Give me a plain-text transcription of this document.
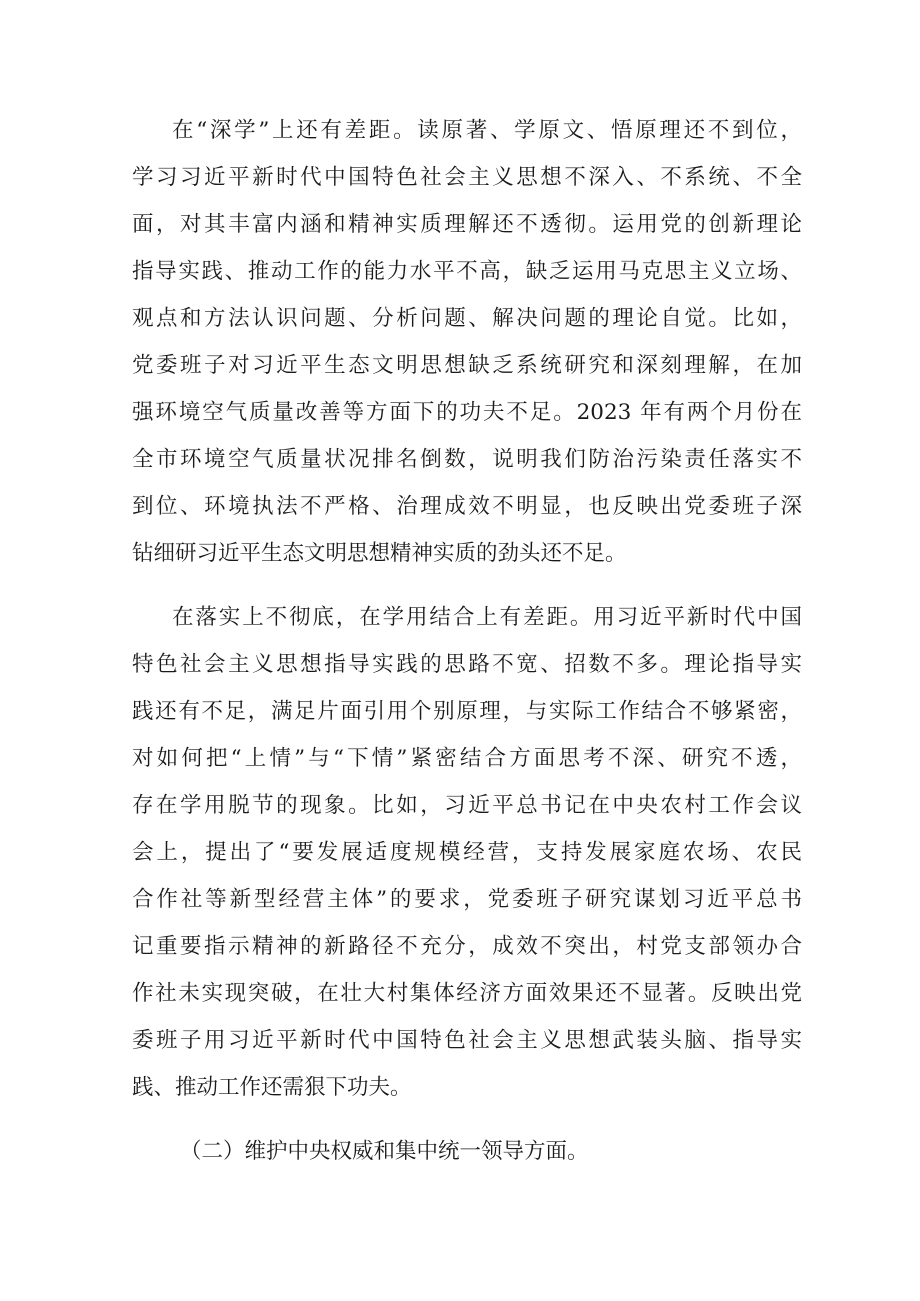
在“深学”上还有差距。读原著、学原文、悟原理还不到位，
学习习近平新时代中国特色社会主义思想不深入、不系统、不全
面，对其丰富内涵和精神实质理解还不透彻。运用党的创新理论
指导实践、推动工作的能力水平不高，缺乏运用马克思主义立场、
观点和方法认识问题、分析问题、解决问题的理论自觉。比如，
党委班子对习近平生态文明思想缺乏系统研究和深刻理解，在加
强环境空气质量改善等方面下的功夫不足。2023 年有两个月份在
全市环境空气质量状况排名倒数，说明我们防治污染责任落实不
到位、环境执法不严格、治理成效不明显，也反映出党委班子深
钻细研习近平生态文明思想精神实质的劲头还不足。
在落实上不彻底，在学用结合上有差距。用习近平新时代中国
特色社会主义思想指导实践的思路不宽、招数不多。理论指导实
践还有不足，满足片面引用个别原理，与实际工作结合不够紧密，
对如何把“上情”与“下情”紧密结合方面思考不深、研究不透，
存在学用脱节的现象。比如，习近平总书记在中央农村工作会议
会上，提出了“要发展适度规模经营，支持发展家庭农场、农民
合作社等新型经营主体”的要求，党委班子研究谋划习近平总书
记重要指示精神的新路径不充分，成效不突出，村党支部领办合
作社未实现突破，在壮大村集体经济方面效果还不显著。反映出党
委班子用习近平新时代中国特色社会主义思想武装头脑、指导实
践、推动工作还需狠下功夫。
（二）维护中央权威和集中统一领导方面。
